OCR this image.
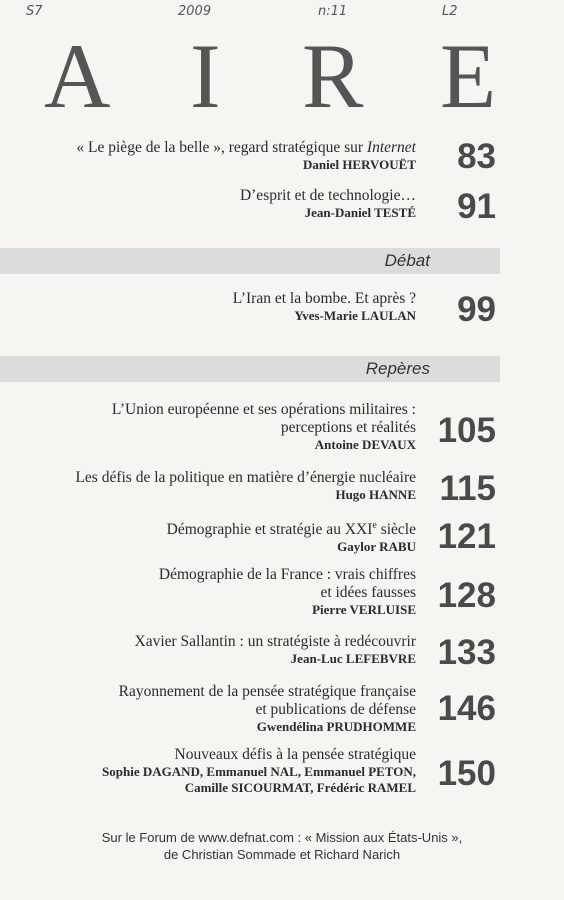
S7	2009	n:11	L2
A I R E
« Le piège de la belle », regard stratégique sur Internet
Daniel HERVOUËT	83
D’esprit et de technologie…
Jean-Daniel TESTÉ	91
Débat
L’Iran et la bombe. Et après ?
Yves-Marie LAULAN	99
Repères
L’Union européenne et ses opérations militaires :
perceptions et réalités
Antoine DEVAUX 105
Les défis de la politique en matière d’énergie nucléaire
Hugo HANNE 115
Démographie et stratégie au XXIe siècle
Gaylor RABU 121
Démographie de la France : vrais chiffres
et idées fausses
Pierre VERLUISE 128
Xavier Sallantin : un stratégiste à redécouvrir
Jean-Luc LEFEBVRE 133
Rayonnement de la pensée stratégique française
et publications de défense
Gwendélina PRUDHOMME 146
Nouveaux défis à la pensée stratégique
Sophie DAGAND, Emmanuel NAL, Emmanuel PETON,
Camille SICOURMAT, Frédéric RAMEL 150
Sur le Forum de www.defnat.com : « Mission aux États-Unis »,
de Christian Sommade et Richard Narich
